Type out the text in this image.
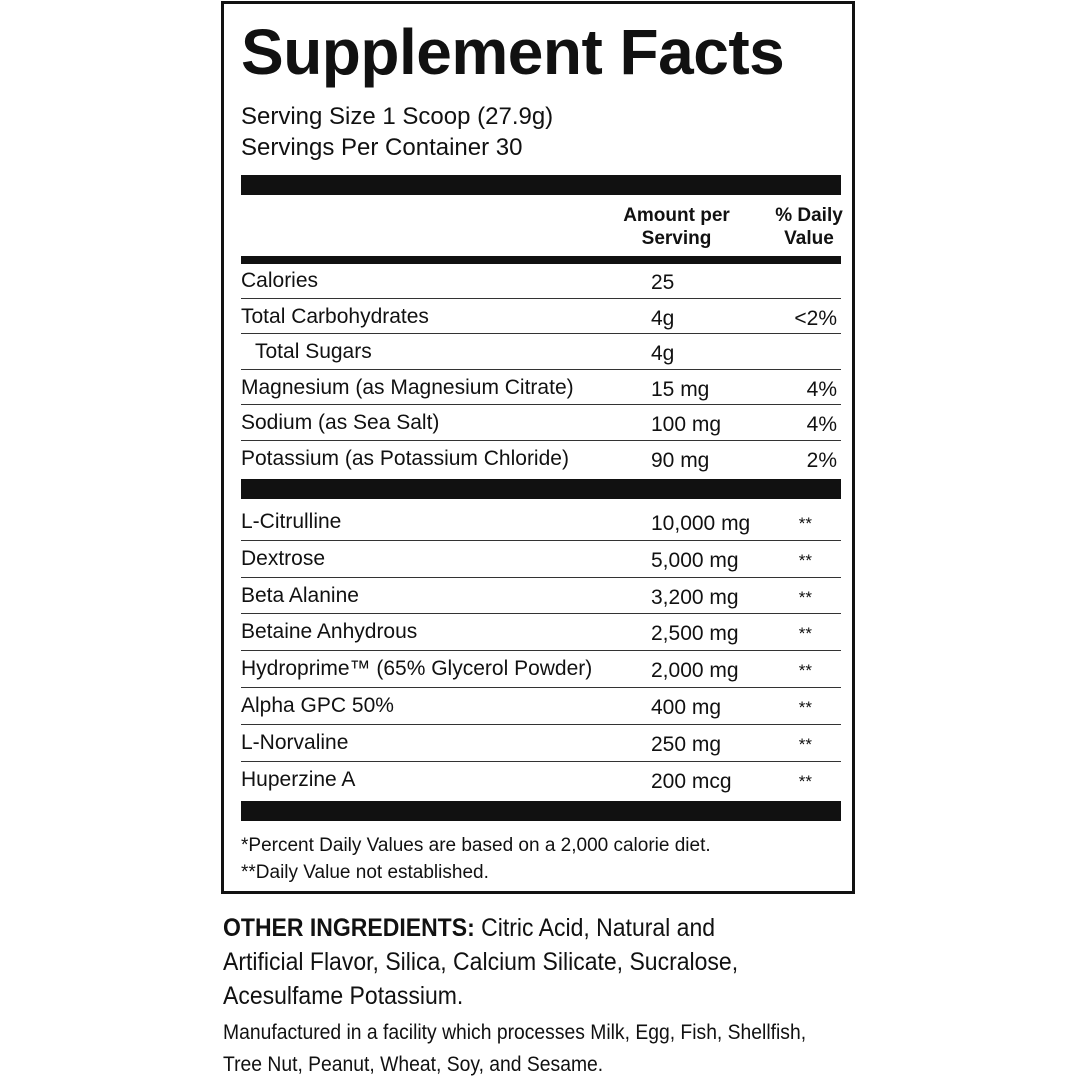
Supplement Facts
Serving Size 1 Scoop (27.9g)
Servings Per Container 30
Amount per
Serving
% Daily
Value
Calories	25
Total Carbohydrates	4g	<2%
Total Sugars	4g
Magnesium (as Magnesium Citrate)	15 mg	4%
Sodium (as Sea Salt)	100 mg	4%
Potassium (as Potassium Chloride)	90 mg	2%
L-Citrulline	10,000 mg	**
Dextrose	5,000 mg	**
Beta Alanine	3,200 mg	**
Betaine Anhydrous	2,500 mg	**
Hydroprime™ (65% Glycerol Powder)	2,000 mg	**
Alpha GPC 50%	400 mg	**
L-Norvaline	250 mg	**
Huperzine A	200 mcg	**
*Percent Daily Values are based on a 2,000 calorie diet.
**Daily Value not established.
OTHER INGREDIENTS: Citric Acid, Natural and Artificial Flavor, Silica, Calcium Silicate, Sucralose, Acesulfame Potassium.
Manufactured in a facility which processes Milk, Egg, Fish, Shellfish, Tree Nut, Peanut, Wheat, Soy, and Sesame.
